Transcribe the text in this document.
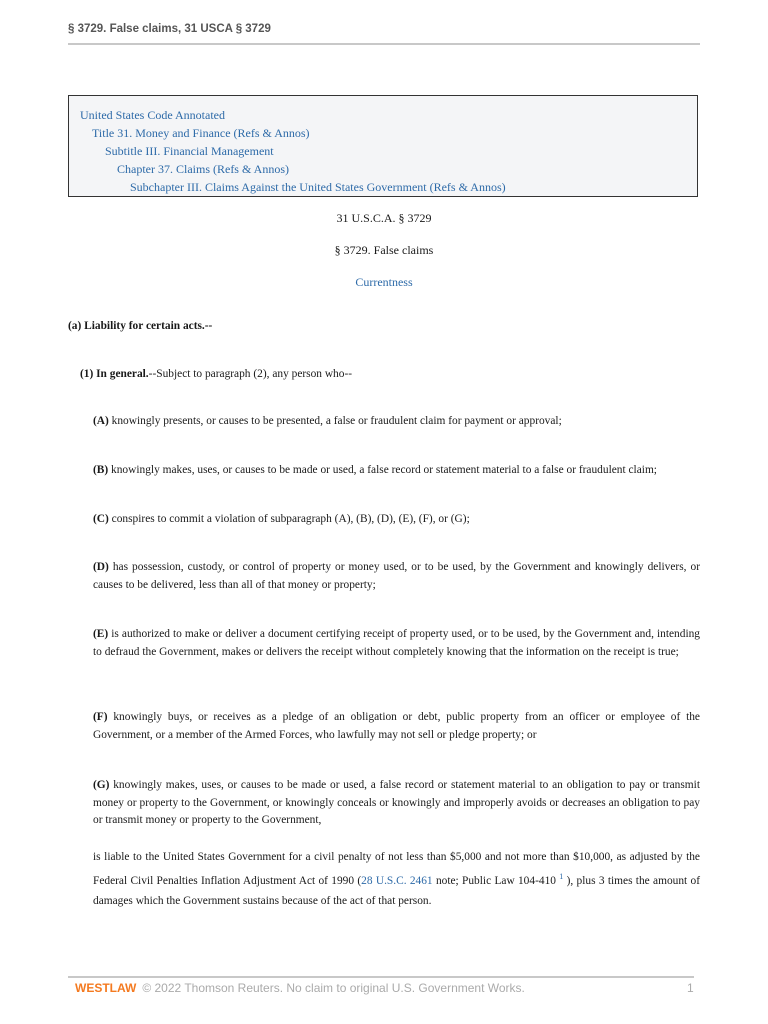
§ 3729. False claims, 31 USCA § 3729
United States Code Annotated
Title 31. Money and Finance (Refs & Annos)
Subtitle III. Financial Management
Chapter 37. Claims (Refs & Annos)
Subchapter III. Claims Against the United States Government (Refs & Annos)
31 U.S.C.A. § 3729
§ 3729. False claims
Currentness
(a) Liability for certain acts.--
(1) In general.--Subject to paragraph (2), any person who--
(A) knowingly presents, or causes to be presented, a false or fraudulent claim for payment or approval;
(B) knowingly makes, uses, or causes to be made or used, a false record or statement material to a false or fraudulent claim;
(C) conspires to commit a violation of subparagraph (A), (B), (D), (E), (F), or (G);
(D) has possession, custody, or control of property or money used, or to be used, by the Government and knowingly delivers, or causes to be delivered, less than all of that money or property;
(E) is authorized to make or deliver a document certifying receipt of property used, or to be used, by the Government and, intending to defraud the Government, makes or delivers the receipt without completely knowing that the information on the receipt is true;
(F) knowingly buys, or receives as a pledge of an obligation or debt, public property from an officer or employee of the Government, or a member of the Armed Forces, who lawfully may not sell or pledge property; or
(G) knowingly makes, uses, or causes to be made or used, a false record or statement material to an obligation to pay or transmit money or property to the Government, or knowingly conceals or knowingly and improperly avoids or decreases an obligation to pay or transmit money or property to the Government,
is liable to the United States Government for a civil penalty of not less than $5,000 and not more than $10,000, as adjusted by the Federal Civil Penalties Inflation Adjustment Act of 1990 (28 U.S.C. 2461 note; Public Law 104-410 $^1$ ), plus 3 times the amount of damages which the Government sustains because of the act of that person.
WESTLAW © 2022 Thomson Reuters. No claim to original U.S. Government Works.	1
